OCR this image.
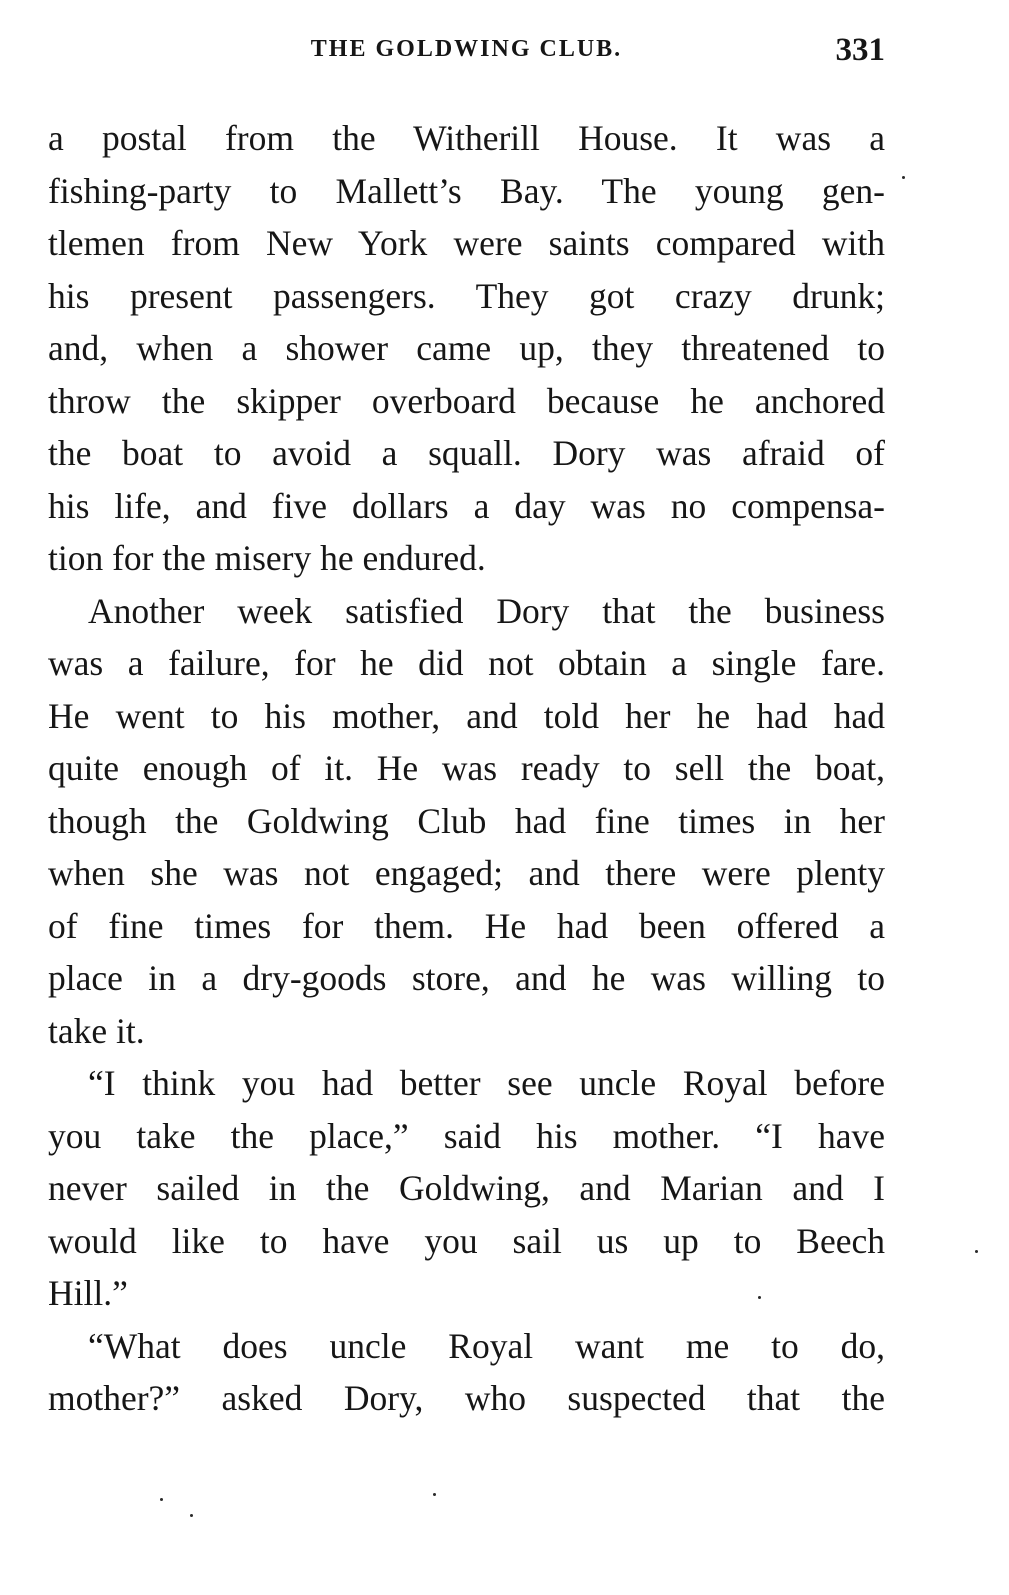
THE GOLDWING CLUB.	331
a postal from the Witherill House. It was a
fishing-party to Mallett’s Bay. The young gen-
tlemen from New York were saints compared with
his present passengers. They got crazy drunk;
and, when a shower came up, they threatened to
throw the skipper overboard because he anchored
the boat to avoid a squall. Dory was afraid of
his life, and five dollars a day was no compensa-
tion for the misery he endured.
Another week satisfied Dory that the business
was a failure, for he did not obtain a single fare.
He went to his mother, and told her he had had
quite enough of it. He was ready to sell the boat,
though the Goldwing Club had fine times in her
when she was not engaged; and there were plenty
of fine times for them. He had been offered a
place in a dry-goods store, and he was willing to
take it.
“I think you had better see uncle Royal before
you take the place,” said his mother. “I have
never sailed in the Goldwing, and Marian and I
would like to have you sail us up to Beech
Hill.”
“What does uncle Royal want me to do,
mother?” asked Dory, who suspected that the
